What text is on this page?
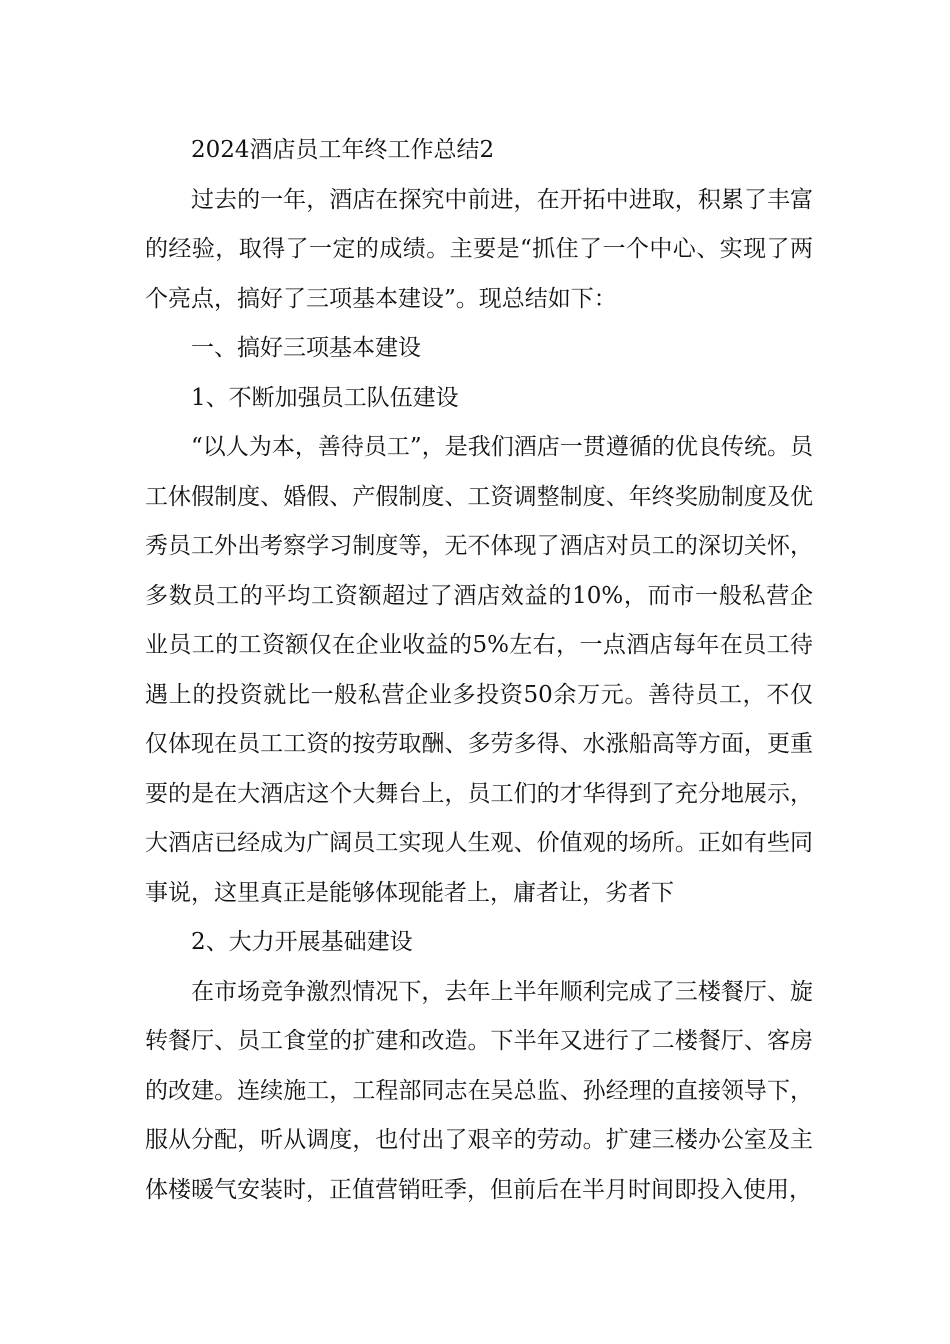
2024酒店员工年终工作总结2

过去的一年，酒店在探究中前进，在开拓中进取，积累了丰富的经验，取得了一定的成绩。主要是“抓住了一个中心、实现了两个亮点，搞好了三项基本建设”。现总结如下：

一、搞好三项基本建设

1、不断加强员工队伍建设

“以人为本，善待员工”，是我们酒店一贯遵循的优良传统。员工休假制度、婚假、产假制度、工资调整制度、年终奖励制度及优秀员工外出考察学习制度等，无不体现了酒店对员工的深切关怀，多数员工的平均工资额超过了酒店效益的10%，而市一般私营企业员工的工资额仅在企业收益的5%左右，一点酒店每年在员工待遇上的投资就比一般私营企业多投资50余万元。善待员工，不仅仅体现在员工工资的按劳取酬、多劳多得、水涨船高等方面，更重要的是在大酒店这个大舞台上，员工们的才华得到了充分地展示，大酒店已经成为广阔员工实现人生观、价值观的场所。正如有些同事说，这里真正是能够体现能者上，庸者让，劣者下

2、大力开展基础建设

在市场竞争激烈情况下，去年上半年顺利完成了三楼餐厅、旋转餐厅、员工食堂的扩建和改造。下半年又进行了二楼餐厅、客房的改建。连续施工，工程部同志在吴总监、孙经理的直接领导下，服从分配，听从调度，也付出了艰辛的劳动。扩建三楼办公室及主体楼暖气安装时，正值营销旺季，但前后在半月时间即投入使用，
